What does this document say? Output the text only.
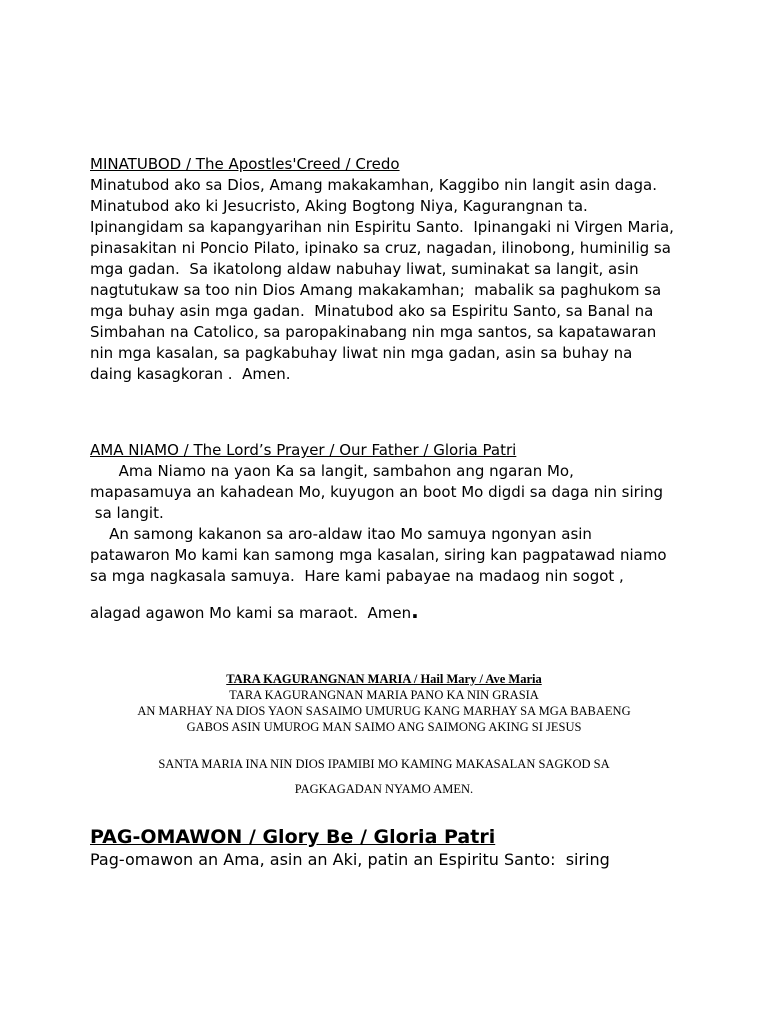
MINATUBOD / The Apostles'Creed / Credo
Minatubod ako sa Dios, Amang makakamhan, Kaggibo nin langit asin daga.
Minatubod ako ki Jesucristo, Aking Bogtong Niya, Kagurangnan ta.
Ipinangidam sa kapangyarihan nin Espiritu Santo.  Ipinangaki ni Virgen Maria,
pinasakitan ni Poncio Pilato, ipinako sa cruz, nagadan, ilinobong, huminilig sa
mga gadan.  Sa ikatolong aldaw nabuhay liwat, suminakat sa langit, asin
nagtutukaw sa too nin Dios Amang makakamhan;  mabalik sa paghukom sa
mga buhay asin mga gadan.  Minatubod ako sa Espiritu Santo, sa Banal na
Simbahan na Catolico, sa paropakinabang nin mga santos, sa kapatawaran
nin mga kasalan, sa pagkabuhay liwat nin mga gadan, asin sa buhay na
daing kasagkoran .  Amen.
AMA NIAMO / The Lord’s Prayer / Our Father / Gloria Patri
Ama Niamo na yaon Ka sa langit, sambahon ang ngaran Mo,
mapasamuya an kahadean Mo, kuyugon an boot Mo digdi sa daga nin siring
sa langit.
An samong kakanon sa aro-aldaw itao Mo samuya ngonyan asin
patawaron Mo kami kan samong mga kasalan, siring kan pagpatawad niamo
sa mga nagkasala samuya.  Hare kami pabayae na madaog nin sogot ,
alagad agawon Mo kami sa maraot.  Amen.
TARA KAGURANGNAN MARIA / Hail Mary / Ave Maria
TARA KAGURANGNAN MARIA PANO KA NIN GRASIA
AN MARHAY NA DIOS YAON SASAIMO UMURUG KANG MARHAY SA MGA BABAENG
GABOS ASIN UMUROG MAN SAIMO ANG SAIMONG AKING SI JESUS
SANTA MARIA INA NIN DIOS IPAMIBI MO KAMING MAKASALAN SAGKOD SA
PAGKAGADAN NYAMO AMEN.
PAG-OMAWON / Glory Be / Gloria Patri
Pag-omawon an Ama, asin an Aki, patin an Espiritu Santo:  siring
